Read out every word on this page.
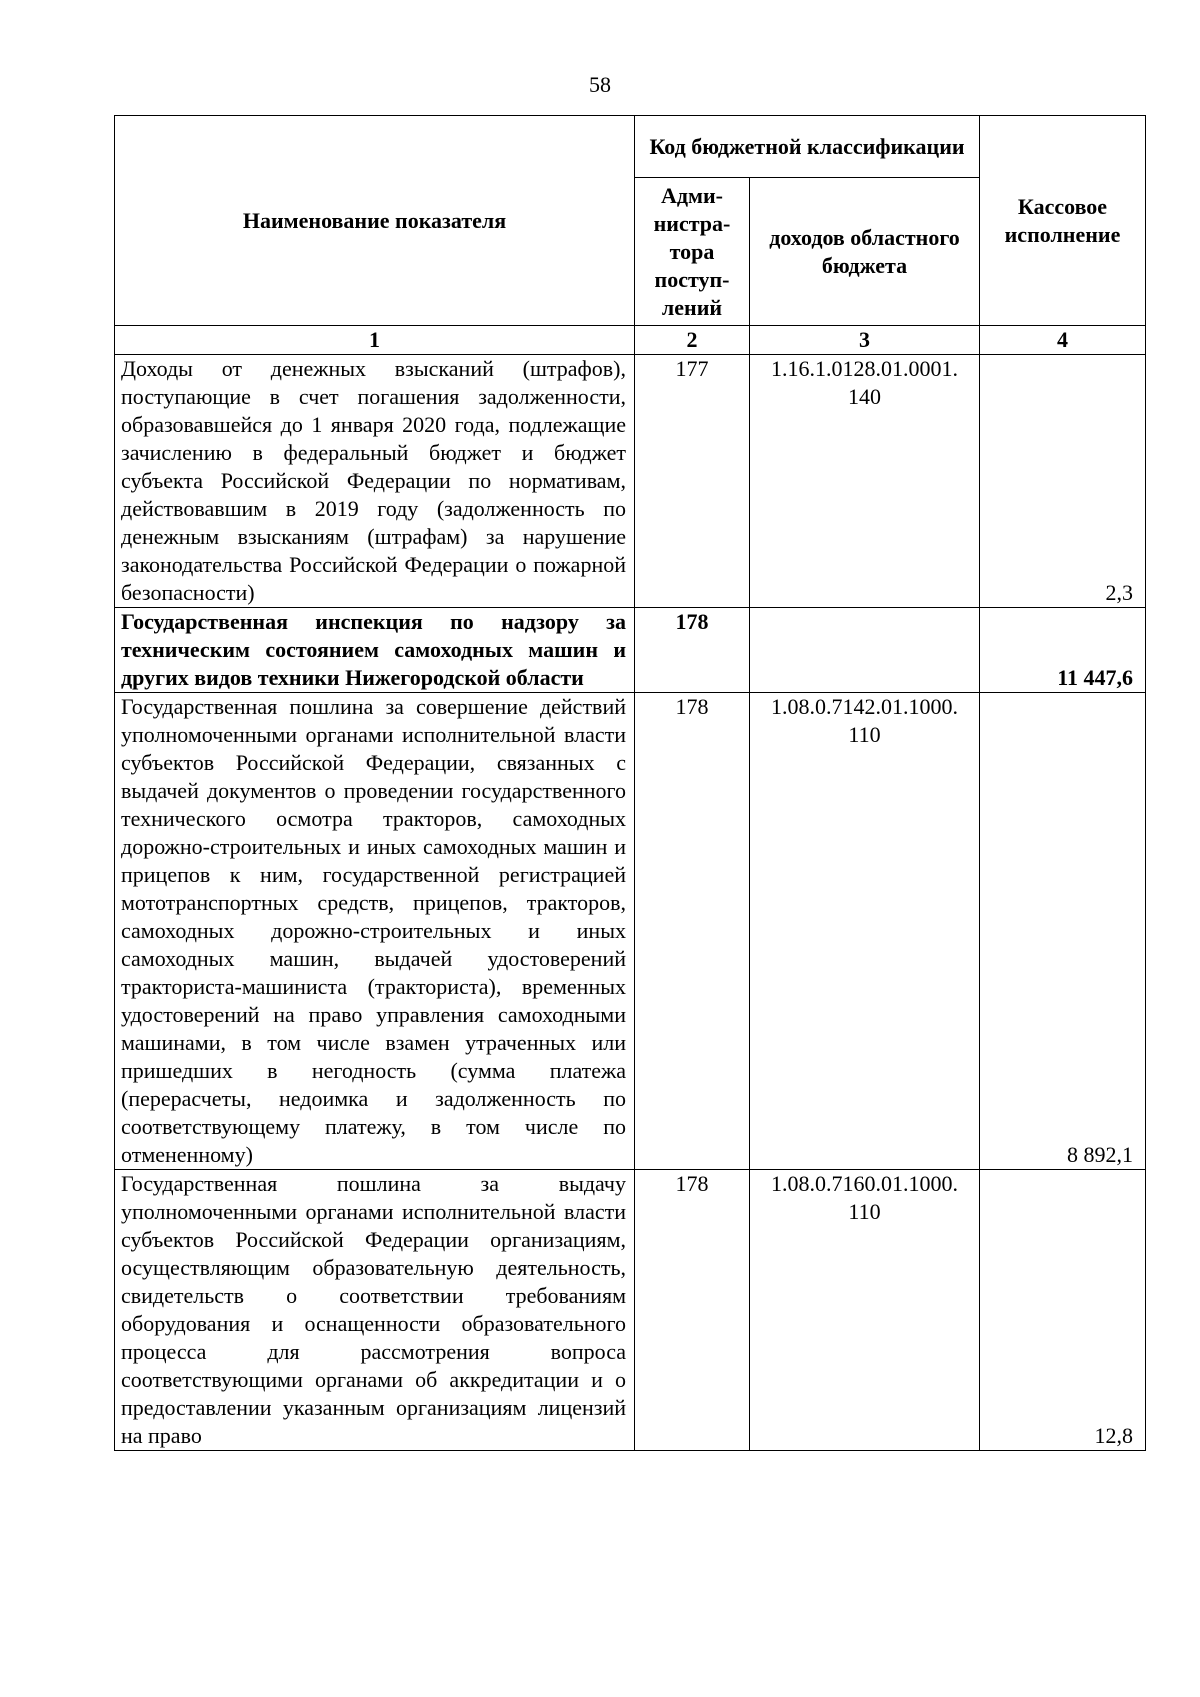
58
Наименование показателя	Код бюджетной классификации		Кассовое исполнение
	Адми-нистра-тора поступ-лений	доходов областного бюджета	
1	2	3	4
Доходы от денежных взысканий (штрафов), поступающие в счет погашения задолженности, образовавшейся до 1 января 2020 года, подлежащие зачислению в федеральный бюджет и бюджет субъекта Российской Федерации по нормативам, действовавшим в 2019 году (задолженность по денежным взысканиям (штрафам) за нарушение законодательства Российской Федерации о пожарной безопасности)	177	1.16.1.0128.01.0001. 140	2,3
Государственная инспекция по надзору за техническим состоянием самоходных машин и других видов техники Нижегородской области	178		11 447,6
Государственная пошлина за совершение действий уполномоченными органами исполнительной власти субъектов Российской Федерации, связанных с выдачей документов о проведении государственного технического осмотра тракторов, самоходных дорожно-строительных и иных самоходных машин и прицепов к ним, государственной регистрацией мототранспортных средств, прицепов, тракторов, самоходных дорожно-строительных и иных самоходных машин, выдачей удостоверений тракториста-машиниста (тракториста), временных удостоверений на право управления самоходными машинами, в том числе взамен утраченных или пришедших в негодность (сумма платежа (перерасчеты, недоимка и задолженность по соответствующему платежу, в том числе по отмененному)	178	1.08.0.7142.01.1000. 110	8 892,1
Государственная пошлина за выдачу уполномоченными органами исполнительной власти субъектов Российской Федерации организациям, осуществляющим образовательную деятельность, свидетельств о соответствии требованиям оборудования и оснащенности образовательного процесса для рассмотрения вопроса соответствующими органами об аккредитации и о предоставлении указанным организациям лицензий на право	178	1.08.0.7160.01.1000. 110	12,8
